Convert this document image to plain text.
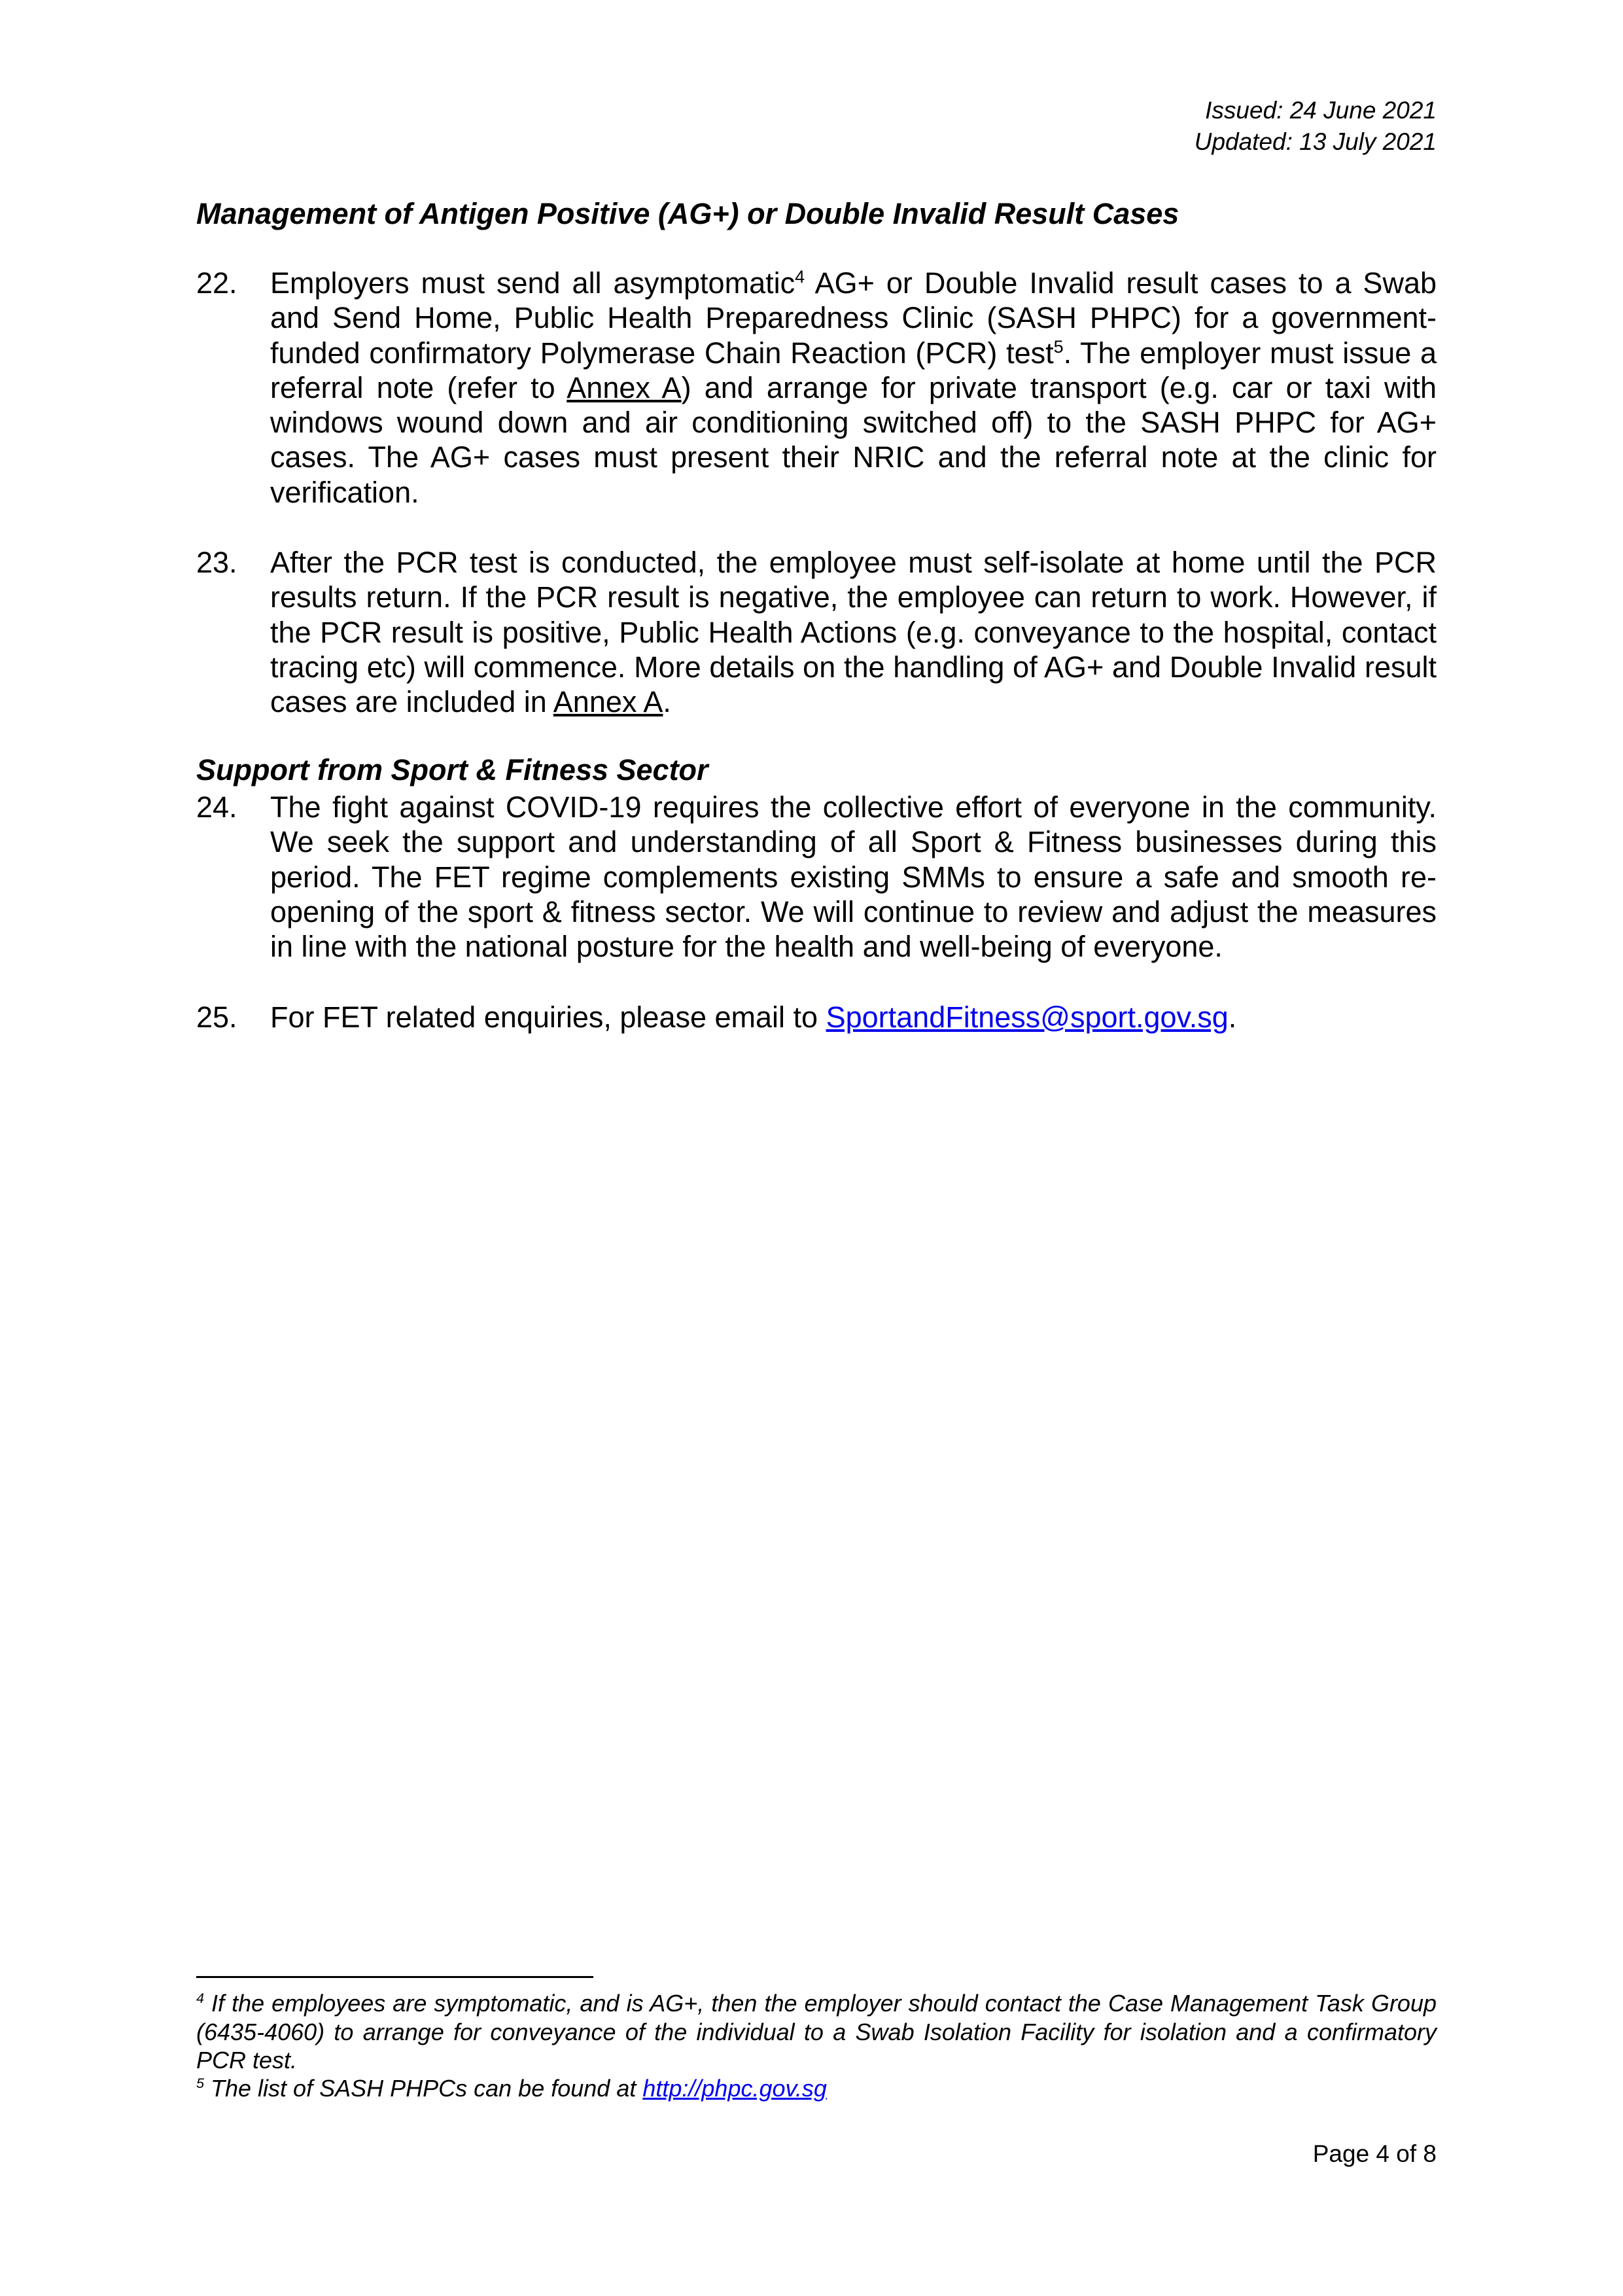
Issued: 24 June 2021
Updated: 13 July 2021
Management of Antigen Positive (AG+) or Double Invalid Result Cases
22. Employers must send all asymptomatic$^4$ AG+ or Double Invalid result cases to a Swab and Send Home, Public Health Preparedness Clinic (SASH PHPC) for a government-funded confirmatory Polymerase Chain Reaction (PCR) test$^5$. The employer must issue a referral note (refer to Annex A) and arrange for private transport (e.g. car or taxi with windows wound down and air conditioning switched off) to the SASH PHPC for AG+ cases. The AG+ cases must present their NRIC and the referral note at the clinic for verification.
23. After the PCR test is conducted, the employee must self-isolate at home until the PCR results return. If the PCR result is negative, the employee can return to work. However, if the PCR result is positive, Public Health Actions (e.g. conveyance to the hospital, contact tracing etc) will commence. More details on the handling of AG+ and Double Invalid result cases are included in Annex A.
Support from Sport & Fitness Sector
24. The fight against COVID-19 requires the collective effort of everyone in the community. We seek the support and understanding of all Sport & Fitness businesses during this period. The FET regime complements existing SMMs to ensure a safe and smooth re-opening of the sport & fitness sector. We will continue to review and adjust the measures in line with the national posture for the health and well-being of everyone.
25. For FET related enquiries, please email to SportandFitness@sport.gov.sg.
$^4$ If the employees are symptomatic, and is AG+, then the employer should contact the Case Management Task Group (6435-4060) to arrange for conveyance of the individual to a Swab Isolation Facility for isolation and a confirmatory PCR test.
$^5$ The list of SASH PHPCs can be found at http://phpc.gov.sg
Page 4 of 8
